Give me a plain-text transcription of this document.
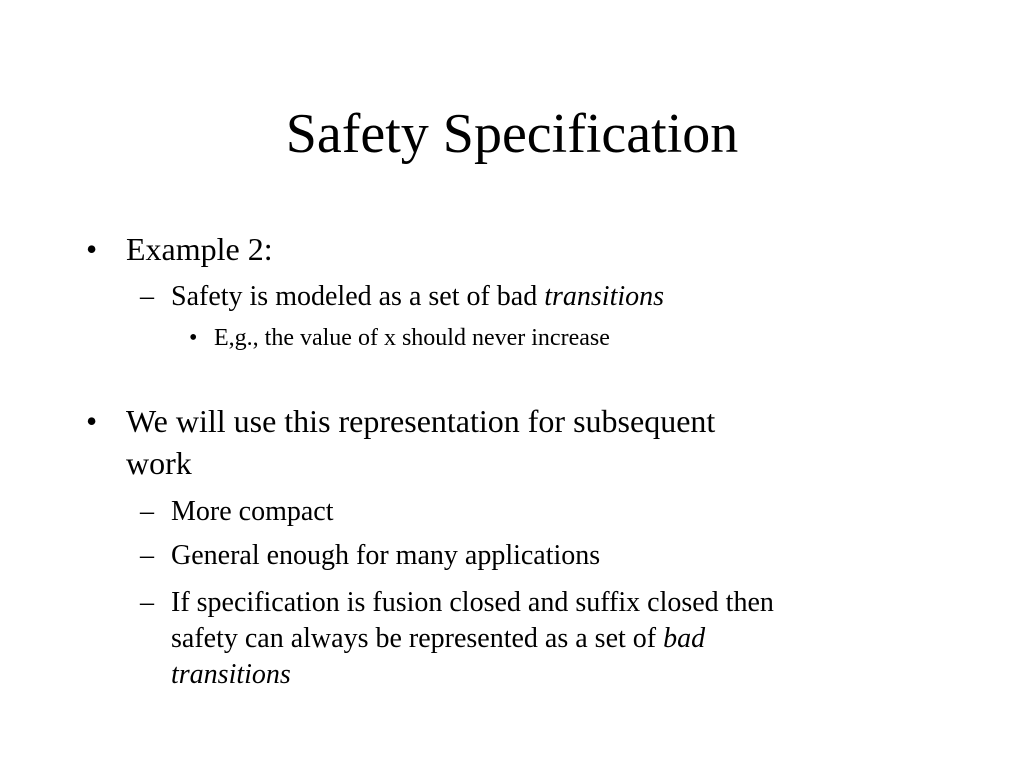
Safety Specification
• Example 2:
– Safety is modeled as a set of bad transitions
• E,g., the value of x should never increase
• We will use this representation for subsequent
work
– More compact
– General enough for many applications
– If specification is fusion closed and suffix closed then
safety can always be represented as a set of bad
transitions
